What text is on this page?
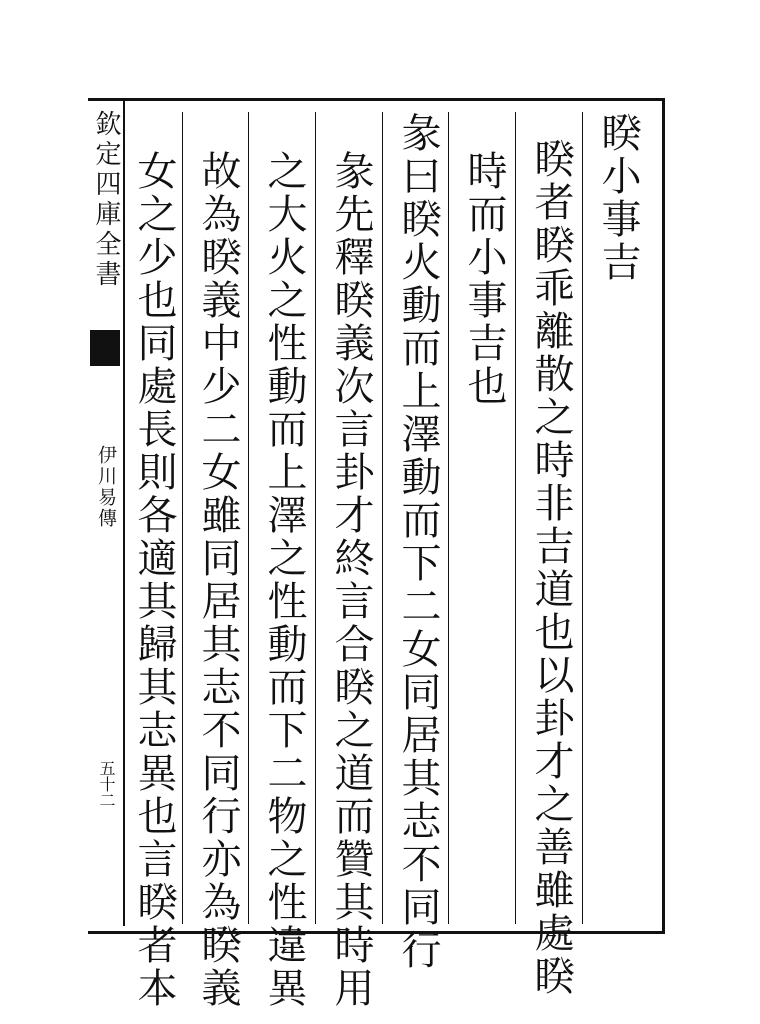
欽定四庫全書
伊川易傳
五十二
睽小事吉
睽者睽乖離散之時非吉道也以卦才之善雖處睽
時而小事吉也
彖曰睽火動而上澤動而下二女同居其志不同行
彖先釋睽義次言卦才終言合睽之道而贊其時用
之大火之性動而上澤之性動而下二物之性違異
故為睽義中少二女雖同居其志不同行亦為睽義
女之少也同處長則各適其歸其志異也言睽者本
